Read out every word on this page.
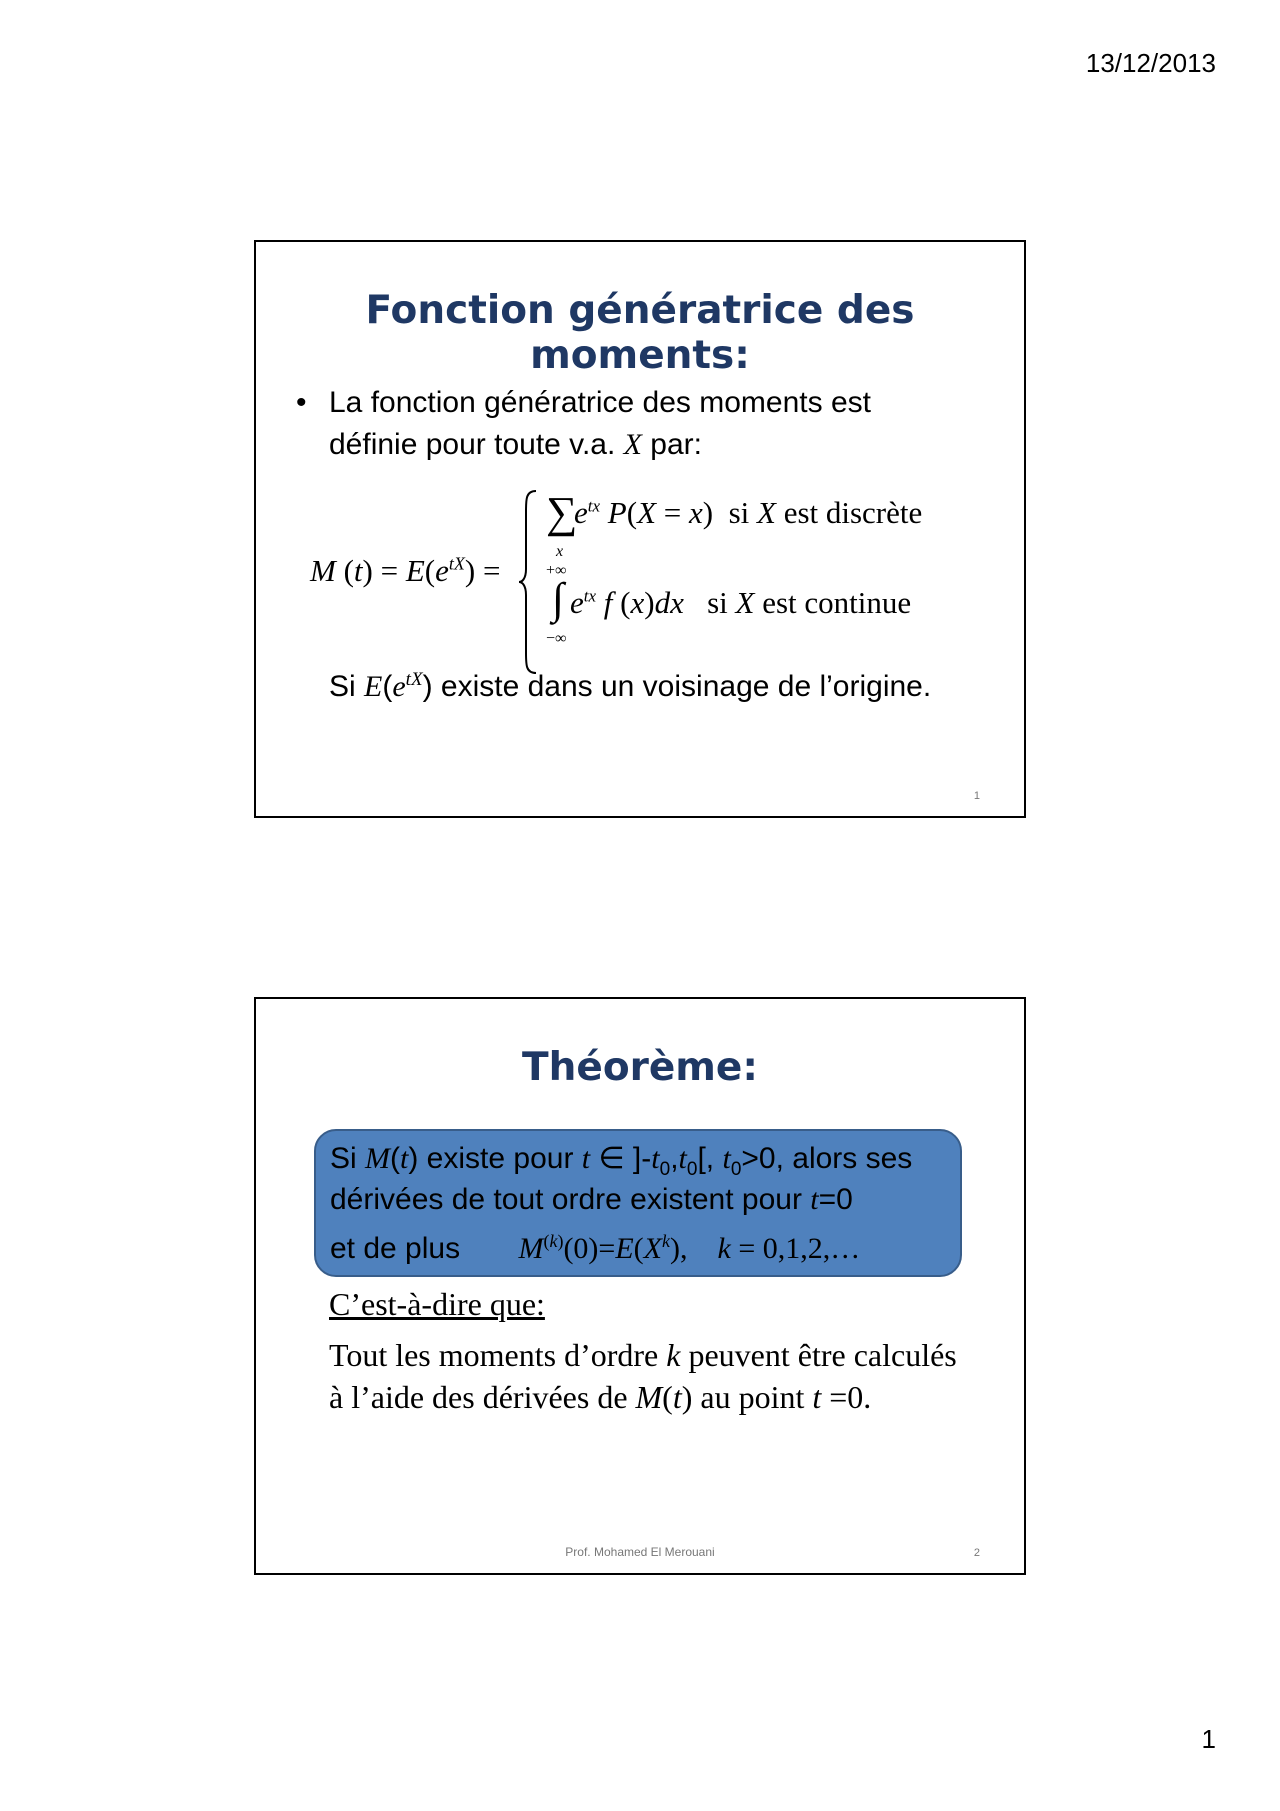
13/12/2013
Fonction génératrice des moments:
• La fonction génératrice des moments est définie pour toute v.a. X par:
M $(t) = E(e^{tX})$ =
∑
x
$e^{tx}$ P(X = x)  si X est discrète
+∞
∫
−∞
$e^{tx}$ f (x)dx   si X est continue
Si $E(e^{tX})$ existe dans un voisinage de l’origine.
1
Théorème:
Si M(t) existe pour t ∈ ]$-t_0,t_0$[, $t_0>0$, alors ses
dérivées de tout ordre existent pour t=0
et de plus       $M^{(k)}(0)=E(X^k)$,    k = 0,1,2,…
C’est-à-dire que:
Tout les moments d’ordre k peuvent être calculés à l’aide des dérivées de M(t) au point t =0.
Prof. Mohamed El Merouani	2
1
